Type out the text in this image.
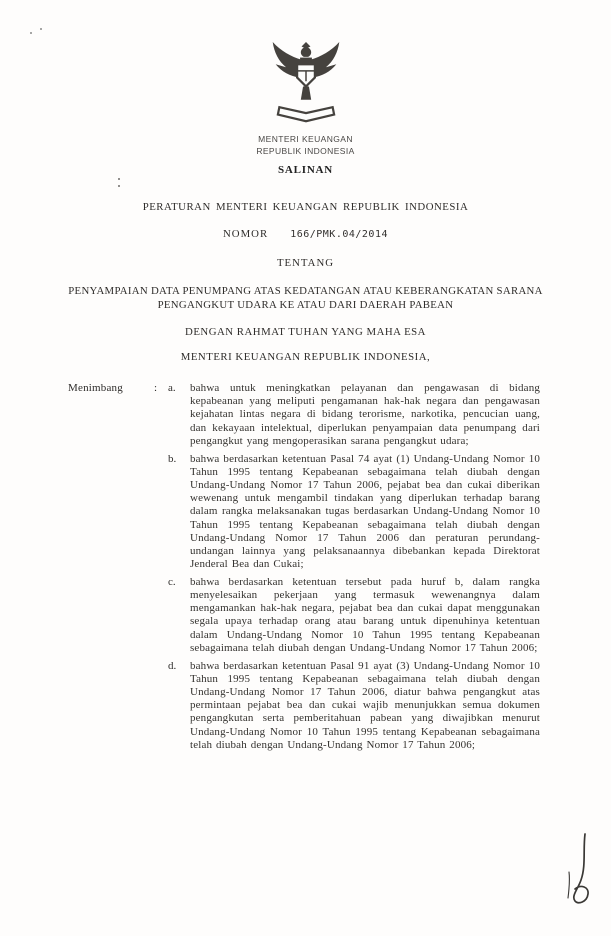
MENTERI KEUANGAN
REPUBLIK INDONESIA
SALINAN
PERATURAN MENTERI KEUANGAN REPUBLIK INDONESIA
NOMOR 166/PMK.04/2014
TENTANG
PENYAMPAIAN DATA PENUMPANG ATAS KEDATANGAN ATAU KEBERANGKATAN SARANA PENGANGKUT UDARA KE ATAU DARI DAERAH PABEAN
DENGAN RAHMAT TUHAN YANG MAHA ESA
MENTERI KEUANGAN REPUBLIK INDONESIA,
Menimbang	: a.	bahwa untuk meningkatkan pelayanan dan pengawasan di bidang kepabeanan yang meliputi pengamanan hak-hak negara dan pengawasan kejahatan lintas negara di bidang terorisme, narkotika, pencucian uang, dan kekayaan intelektual, diperlukan penyampaian data penumpang dari pengangkut yang mengoperasikan sarana pengangkut udara;
b.	bahwa berdasarkan ketentuan Pasal 74 ayat (1) Undang-Undang Nomor 10 Tahun 1995 tentang Kepabeanan sebagaimana telah diubah dengan Undang-Undang Nomor 17 Tahun 2006, pejabat bea dan cukai diberikan wewenang untuk mengambil tindakan yang diperlukan terhadap barang dalam rangka melaksanakan tugas berdasarkan Undang-Undang Nomor 10 Tahun 1995 tentang Kepabeanan sebagaimana telah diubah dengan Undang-Undang Nomor 17 Tahun 2006 dan peraturan perundang-undangan lainnya yang pelaksanaannya dibebankan kepada Direktorat Jenderal Bea dan Cukai;
c.	bahwa berdasarkan ketentuan tersebut pada huruf b, dalam rangka menyelesaikan pekerjaan yang termasuk wewenangnya dalam mengamankan hak-hak negara, pejabat bea dan cukai dapat menggunakan segala upaya terhadap orang atau barang untuk dipenuhinya ketentuan dalam Undang-Undang Nomor 10 Tahun 1995 tentang Kepabeanan sebagaimana telah diubah dengan Undang-Undang Nomor 17 Tahun 2006;
d.	bahwa berdasarkan ketentuan Pasal 91 ayat (3) Undang-Undang Nomor 10 Tahun 1995 tentang Kepabeanan sebagaimana telah diubah dengan Undang-Undang Nomor 17 Tahun 2006, diatur bahwa pengangkut atas permintaan pejabat bea dan cukai wajib menunjukkan semua dokumen pengangkutan serta pemberitahuan pabean yang diwajibkan menurut Undang-Undang Nomor 10 Tahun 1995 tentang Kepabeanan sebagaimana telah diubah dengan Undang-Undang Nomor 17 Tahun 2006;
